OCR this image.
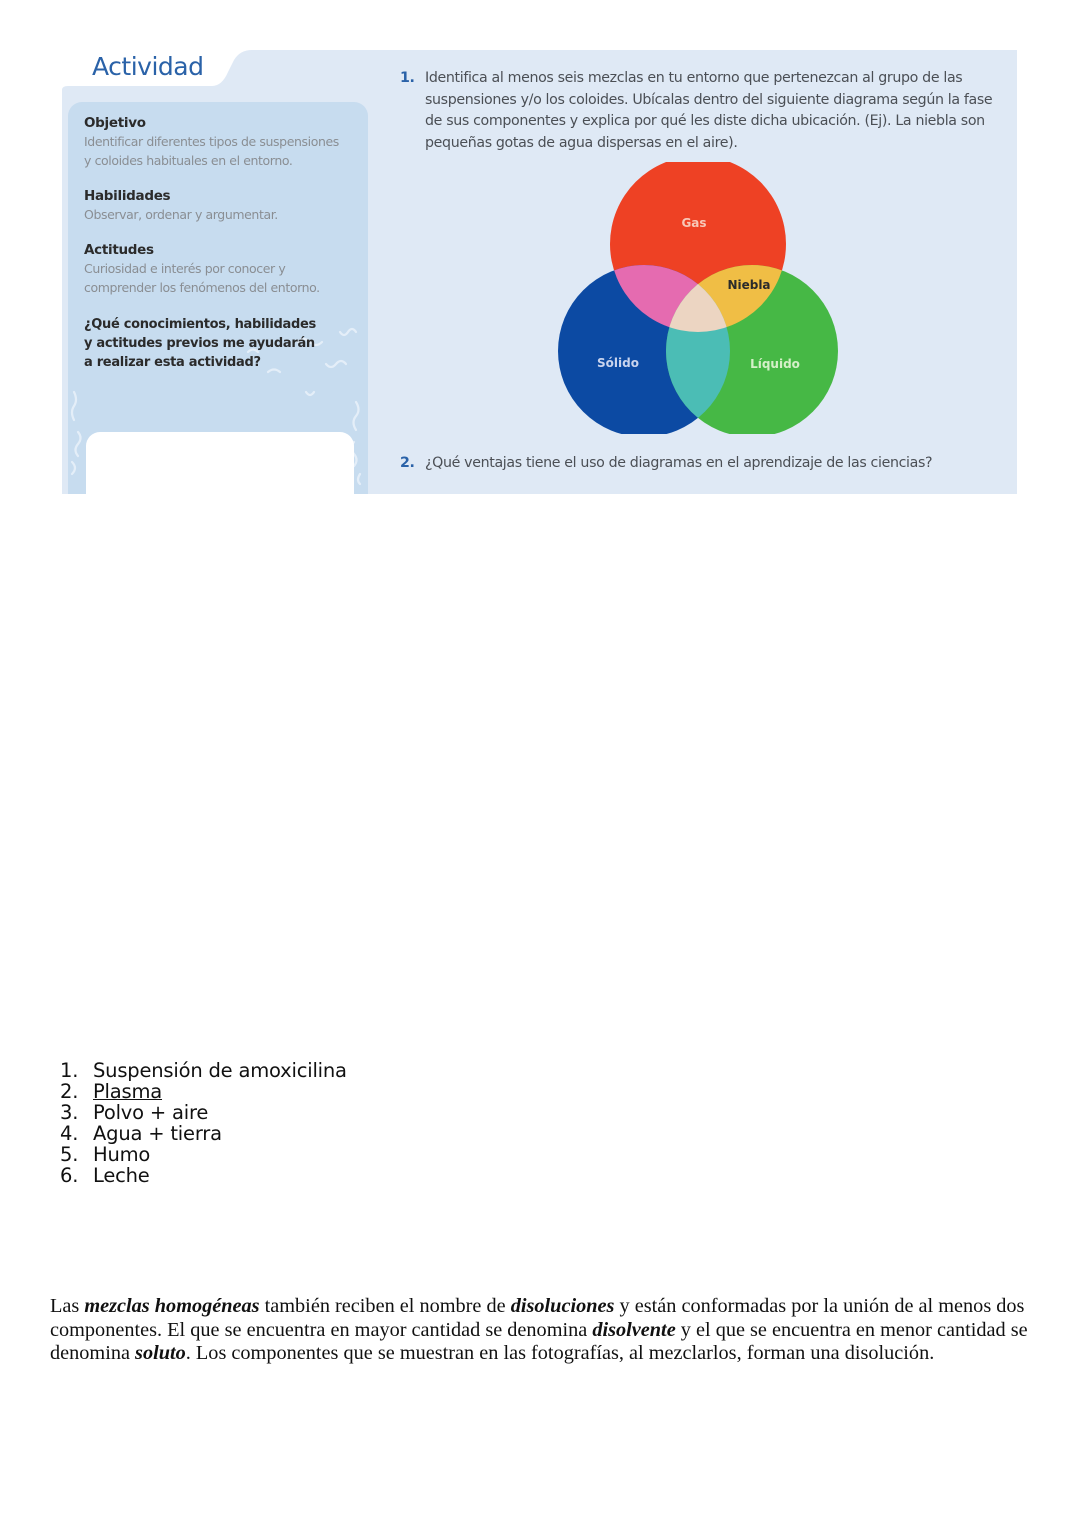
Actividad
Objetivo
Identificar diferentes tipos de suspensiones
y coloides habituales en el entorno.
Habilidades
Observar, ordenar y argumentar.
Actitudes
Curiosidad e interés por conocer y
comprender los fenómenos del entorno.
¿Qué conocimientos, habilidades
y actitudes previos me ayudarán
a realizar esta actividad?
1. Identifica al menos seis mezclas en tu entorno que pertenezcan al grupo de las suspensiones y/o los coloides. Ubícalas dentro del siguiente diagrama según la fase de sus componentes y explica por qué les diste dicha ubicación. (Ej). La niebla son pequeñas gotas de agua dispersas en el aire).
Gas
Sólido	Líquido
Niebla
2. ¿Qué ventajas tiene el uso de diagramas en el aprendizaje de las ciencias?
1. Suspensión de amoxicilina
2. Plasma
3. Polvo + aire
4. Agua + tierra
5. Humo
6. Leche

Las mezclas homogéneas también reciben el nombre de disoluciones y están conformadas por la unión de al menos dos componentes. El que se encuentra en mayor cantidad se denomina disolvente y el que se encuentra en menor cantidad se denomina soluto. Los componentes que se muestran en las fotografías, al mezclarlos, forman una disolución.
